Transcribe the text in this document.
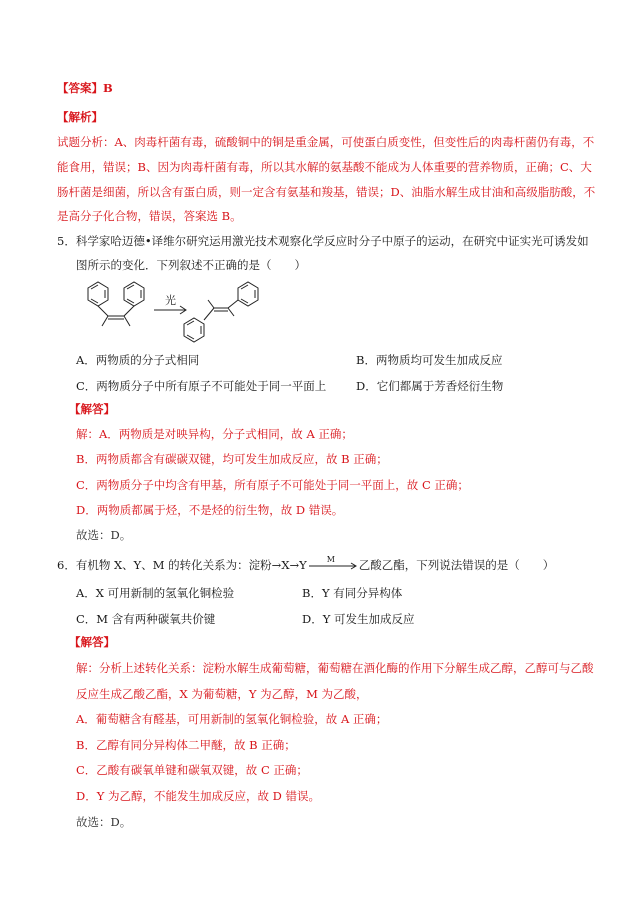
【答案】B
【解析】
试题分析：A、肉毒杆菌有毒，硫酸铜中的铜是重金属，可使蛋白质变性，但变性后的肉毒杆菌仍有毒，不
能食用，错误；B、因为肉毒杆菌有毒，所以其水解的氨基酸不能成为人体重要的营养物质，正确；C、大
肠杆菌是细菌，所以含有蛋白质，则一定含有氨基和羧基，错误；D、油脂水解生成甘油和高级脂肪酸，不
是高分子化合物，错误，答案选 B。
5．科学家哈迈德•译维尔研究运用激光技术观察化学反应时分子中原子的运动，在研究中证实光可诱发如
图所示的变化．下列叙述不正确的是（　　）
光
A．两物质的分子式相同	B．两物质均可发生加成反应
C．两物质分子中所有原子不可能处于同一平面上	D．它们都属于芳香烃衍生物
【解答】
解：A．两物质是对映异构，分子式相同，故 A 正确；
B．两物质都含有碳碳双键，均可发生加成反应，故 B 正确；
C．两物质分子中均含有甲基，所有原子不可能处于同一平面上，故 C 正确；
D．两物质都属于烃，不是烃的衍生物，故 D 错误。
故选：D。
6．有机物 X、Y、M 的转化关系为：淀粉→X→Y	M 乙酸乙酯，下列说法错误的是（　　）
A．X 可用新制的氢氧化铜检验	B．Y 有同分异构体
C．M 含有两种碳氧共价键	D．Y 可发生加成反应
【解答】
解：分析上述转化关系：淀粉水解生成葡萄糖，葡萄糖在酒化酶的作用下分解生成乙醇，乙醇可与乙酸
反应生成乙酸乙酯，X 为葡萄糖，Y 为乙醇，M 为乙酸，
A．葡萄糖含有醛基，可用新制的氢氧化铜检验，故 A 正确；
B．乙醇有同分异构体二甲醚，故 B 正确；
C．乙酸有碳氧单键和碳氧双键，故 C 正确；
D．Y 为乙醇，不能发生加成反应，故 D 错误。
故选：D。
